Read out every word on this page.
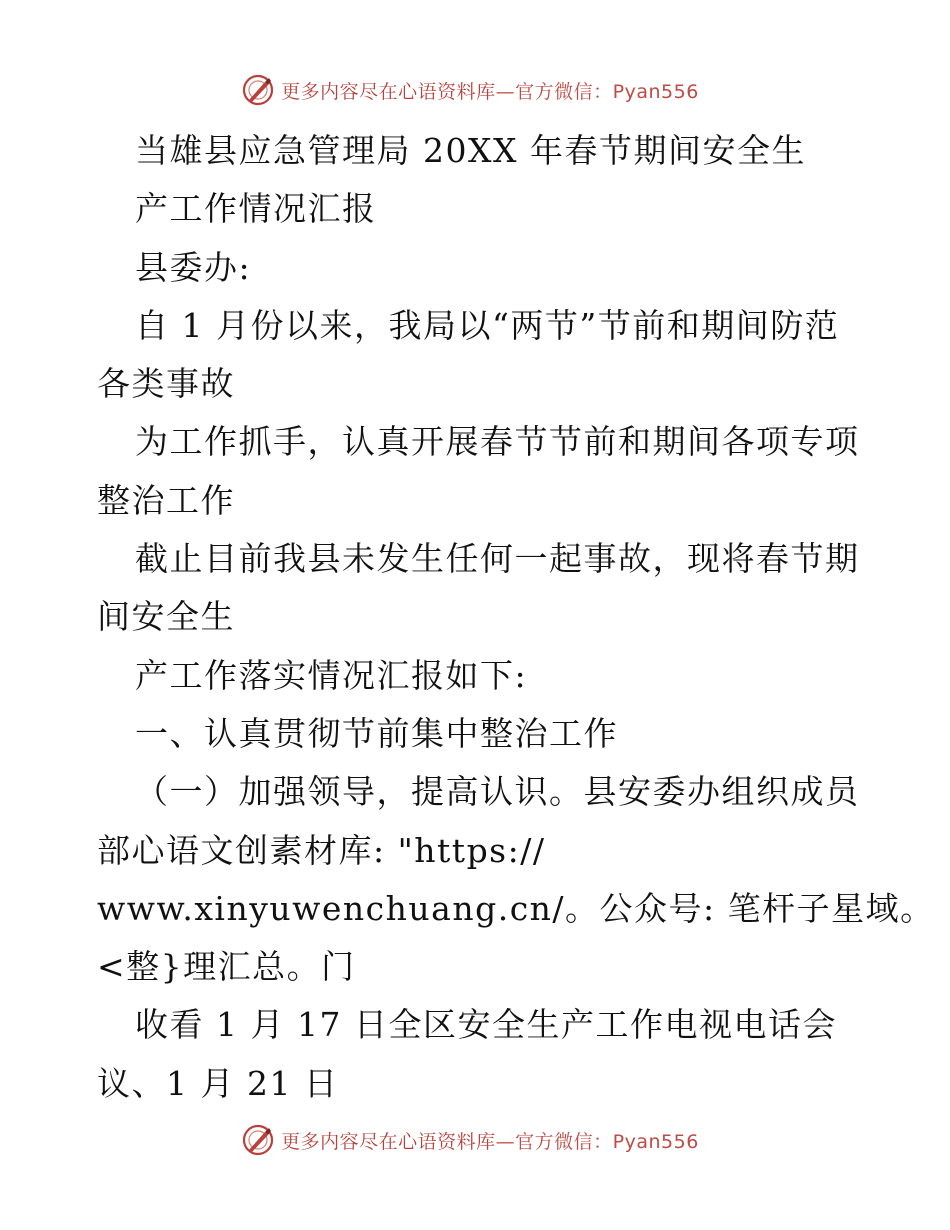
更多内容尽在心语资料库—官方微信：Pyan556
当雄县应急管理局 20XX 年春节期间安全生
产工作情况汇报
县委办:
自 1 月份以来，我局以“两节”节前和期间防范
各类事故
为工作抓手，认真开展春节节前和期间各项专项
整治工作
截止目前我县未发生任何一起事故，现将春节期
间安全生
产工作落实情况汇报如下:
一、认真贯彻节前集中整治工作
（一）加强领导，提高认识。县安委办组织成员
部心语文创素材库: "https://
www.xinyuwenchuang.cn/。公众号: 笔杆子星域。
<整}理汇总。门
收看 1 月 17 日全区安全生产工作电视电话会
议、1 月 21 日
更多内容尽在心语资料库—官方微信：Pyan556
